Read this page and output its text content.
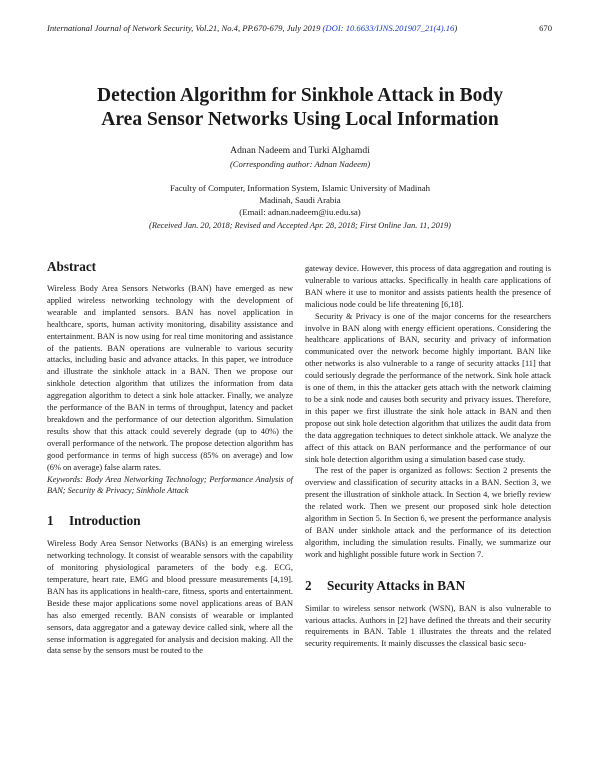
International Journal of Network Security, Vol.21, No.4, PP.670-679, July 2019 (DOI: 10.6633/IJNS.201907_21(4).16)	670
Detection Algorithm for Sinkhole Attack in Body
Area Sensor Networks Using Local Information
Adnan Nadeem and Turki Alghamdi
(Corresponding author: Adnan Nadeem)
Faculty of Computer, Information System, Islamic University of Madinah
Madinah, Saudi Arabia
(Email: adnan.nadeem@iu.edu.sa)
(Received Jan. 20, 2018; Revised and Accepted Apr. 28, 2018; First Online Jan. 11, 2019)
Abstract

Wireless Body Area Sensors Networks (BAN) have emerged as new applied wireless networking technology with the development of wearable and implanted sensors. BAN has novel application in healthcare, sports, human activity monitoring, disability assistance and entertainment. BAN is now using for real time monitoring and assistance of the patients. BAN operations are vulnerable to various security attacks, including basic and advance attacks. In this paper, we introduce and illustrate the sinkhole attack in a BAN. Then we propose our sinkhole detection algorithm that utilizes the information from data aggregation algorithm to detect a sink hole attacker. Finally, we analyze the performance of the BAN in terms of throughput, latency and packet breakdown and the performance of our detection algorithm. Simulation results show that this attack could severely degrade (up to 40%) the overall performance of the network. The propose detection algorithm has good performance in terms of high success (85% on average) and low (6% on average) false alarm rates.

Keywords: Body Area Networking Technology; Performance Analysis of BAN; Security & Privacy; Sinkhole Attack

1 Introduction

Wireless Body Area Sensor Networks (BANs) is an emerging wireless networking technology. It consist of wearable sensors with the capability of monitoring physiological parameters of the body e.g. ECG, temperature, heart rate, EMG and blood pressure measurements [4,19]. BAN has its applications in health-care, fitness, sports and entertainment. Beside these major applications some novel applications areas of BAN has also emerged recently. BAN consists of wearable or implanted sensors, data aggregator and a gateway device called sink, where all the sense information is aggregated for analysis and decision making. All the data sense by the sensors must be routed to the

gateway device. However, this process of data aggregation and routing is vulnerable to various attacks. Specifically in health care applications of BAN where it use to monitor and assists patients health the presence of malicious node could be life threatening [6,18].

Security & Privacy is one of the major concerns for the researchers involve in BAN along with energy efficient operations. Considering the healthcare applications of BAN, security and privacy of information communicated over the network become highly important. BAN like other networks is also vulnerable to a range of security attacks [11] that could seriously degrade the performance of the network. Sink hole attack is one of them, in this the attacker gets attach with the network claiming to be a sink node and causes both security and privacy issues. Therefore, in this paper we first illustrate the sink hole attack in BAN and then propose out sink hole detection algorithm that utilizes the audit data from the data aggregation techniques to detect sinkhole attack. We analyze the affect of this attack on BAN performance and the performance of our sink hole detection algorithm using a simulation based case study.

The rest of the paper is organized as follows: Section 2 presents the overview and classification of security attacks in a BAN. Section 3, we present the illustration of sinkhole attack. In Section 4, we briefly review the related work. Then we present our proposed sink hole detection algorithm in Section 5. In Section 6, we present the performance analysis of BAN under sinkhole attack and the performance of its detection algorithm, including the simulation results. Finally, we summarize our work and highlight possible future work in Section 7.

2 Security Attacks in BAN

Similar to wireless sensor network (WSN), BAN is also vulnerable to various attacks. Authors in [2] have defined the threats and their security requirements in BAN. Table 1 illustrates the threats and the related security requirements. It mainly discusses the classical basic secu-
